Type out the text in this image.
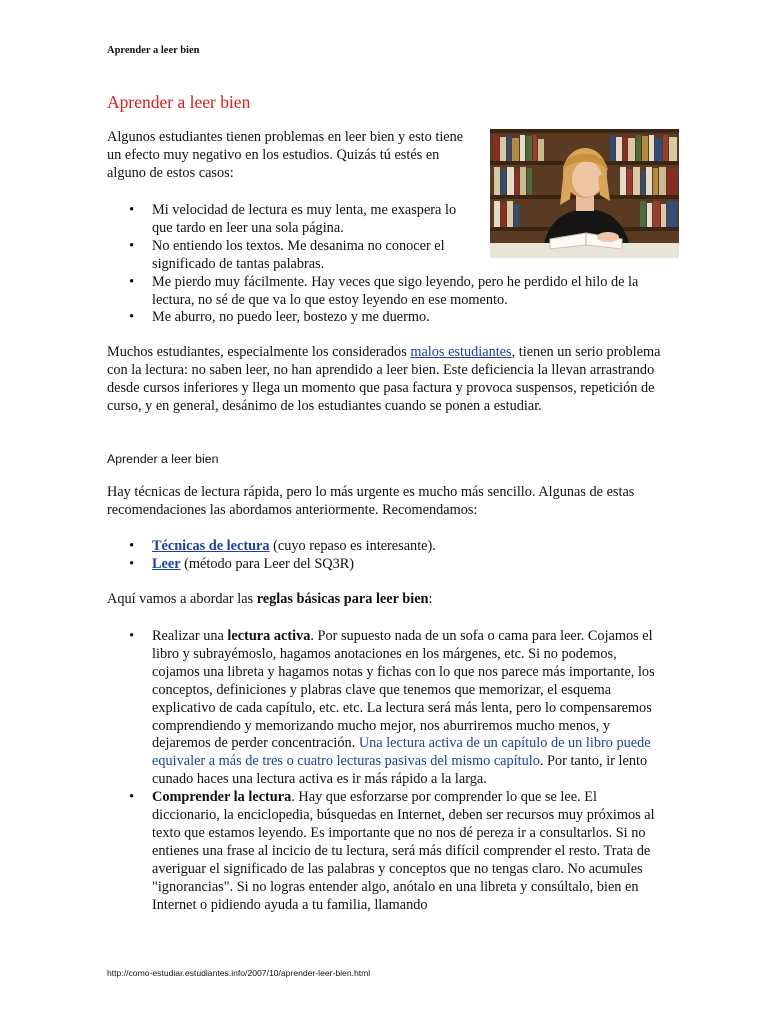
Aprender a leer bien
Aprender a leer bien

Algunos estudiantes tienen problemas en leer bien y esto tiene un efecto muy negativo en los estudios. Quizás tú estés en alguno de estos casos:

• Mi velocidad de lectura es muy lenta, me exaspera lo que tardo en leer una sola página.
• No entiendo los textos. Me desanima no conocer el significado de tantas palabras.
• Me pierdo muy fácilmente. Hay veces que sigo leyendo, pero he perdido el hilo de la lectura, no sé de que va lo que estoy leyendo en ese momento.
• Me aburro, no puedo leer, bostezo y me duermo.

Muchos estudiantes, especialmente los considerados malos estudiantes, tienen un serio problema con la lectura: no saben leer, no han aprendido a leer bien. Este deficiencia la llevan arrastrando desde cursos inferiores y llega un momento que pasa factura y provoca suspensos, repetición de curso, y en general, desánimo de los estudiantes cuando se ponen a estudiar.

Aprender a leer bien

Hay técnicas de lectura rápida, pero lo más urgente es mucho más sencillo. Algunas de estas recomendaciones las abordamos anteriormente. Recomendamos:

• Técnicas de lectura (cuyo repaso es interesante).
• Leer (método para Leer del SQ3R)

Aquí vamos a abordar las reglas básicas para leer bien:

• Realizar una lectura activa. Por supuesto nada de un sofa o cama para leer. Cojamos el libro y subrayémoslo, hagamos anotaciones en los márgenes, etc. Si no podemos, cojamos una libreta y hagamos notas y fichas con lo que nos parece más importante, los conceptos, definiciones y plabras clave que tenemos que memorizar, el esquema explicativo de cada capítulo, etc. etc. La lectura será más lenta, pero lo compensaremos comprendiendo y memorizando mucho mejor, nos aburriremos mucho menos, y dejaremos de perder concentración. Una lectura activa de un capítulo de un libro puede equivaler a más de tres o cuatro lecturas pasivas del mismo capítulo. Por tanto, ir lento cunado haces una lectura activa es ir más rápido a la larga.
• Comprender la lectura. Hay que esforzarse por comprender lo que se lee. El diccionario, la enciclopedia, búsquedas en Internet, deben ser recursos muy próximos al texto que estamos leyendo. Es importante que no nos dé pereza ir a consultarlos. Si no entienes una frase al incicio de tu lectura, será más difícil comprender el resto. Trata de averiguar el significado de las palabras y conceptos que no tengas claro. No acumules "ignorancias". Si no logras entender algo, anótalo en una libreta y consúltalo, bien en Internet o pidiendo ayuda a tu familia, llamando
http://como-estudiar.estudiantes.info/2007/10/aprender-leer-bien.html
